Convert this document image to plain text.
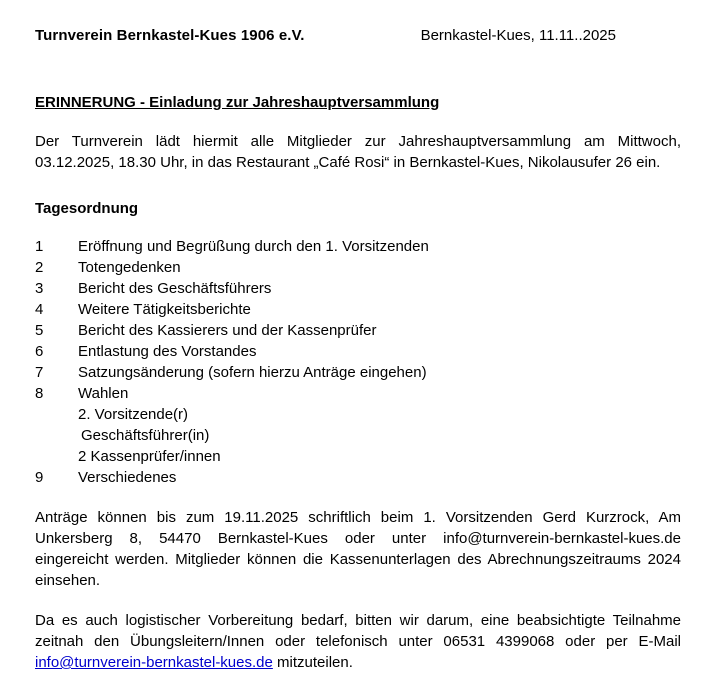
Turnverein Bernkastel-Kues 1906 e.V.	Bernkastel-Kues, 11.11..2025
ERINNERUNG - Einladung zur Jahreshauptversammlung
Der Turnverein lädt hiermit alle Mitglieder zur Jahreshauptversammlung am Mittwoch, 03.12.2025, 18.30 Uhr, in das Restaurant „Café Rosi“ in Bernkastel-Kues, Nikolausufer 26 ein.
Tagesordnung
1	Eröffnung und Begrüßung durch den 1. Vorsitzenden
2	Totengedenken
3	Bericht des Geschäftsführers
4	Weitere Tätigkeitsberichte
5	Bericht des Kassierers und der Kassenprüfer
6	Entlastung des Vorstandes
7	Satzungsänderung (sofern hierzu Anträge eingehen)
8	Wahlen
2. Vorsitzende(r)
Geschäftsführer(in)
2 Kassenprüfer/innen
9	Verschiedenes
Anträge können bis zum 19.11.2025 schriftlich beim 1. Vorsitzenden Gerd Kurzrock, Am Unkersberg 8, 54470 Bernkastel-Kues oder unter info@turnverein-bernkastel-kues.de eingereicht werden. Mitglieder können die Kassenunterlagen des Abrechnungszeitraums 2024 einsehen.
Da es auch logistischer Vorbereitung bedarf, bitten wir darum, eine beabsichtigte Teilnahme zeitnah den Übungsleitern/Innen oder telefonisch unter 06531 4399068 oder per E-Mail info@turnverein-bernkastel-kues.de mitzuteilen.
